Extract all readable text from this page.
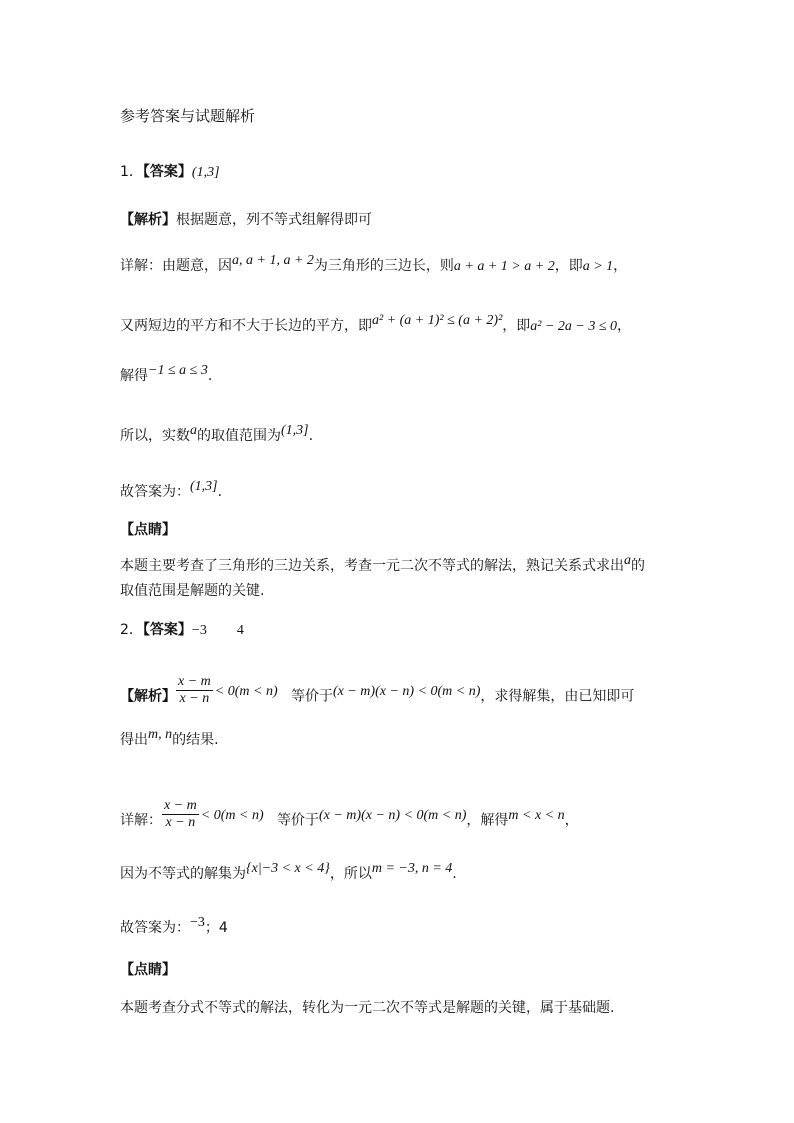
参考答案与试题解析
1．【答案】(1,3]
【解析】根据题意，列不等式组解得即可
详解：由题意，因a, a + 1, a + 2为三角形的三边长，则a + a + 1 > a + 2，即a > 1，
又两短边的平方和不大于长边的平方，即a² + (a + 1)² ≤ (a + 2)²，即a² − 2a − 3 ≤ 0，
解得−1 ≤ a ≤ 3.
所以，实数a的取值范围为(1,3].
故答案为：(1,3].
【点睛】
本题主要考查了三角形的三边关系，考查一元二次不等式的解法，熟记关系式求出a的
取值范围是解题的关键.
2．【答案】−3 4
【解析】 $\frac{x - m}{x - n} < 0(m < n)$ 等价于(x − m)(x − n) < 0(m < n)，求得解集，由已知即可
得出m, n的结果.
详解： $\frac{x - m}{x - n} < 0(m < n)$ 等价于(x − m)(x − n) < 0(m < n)，解得m < x < n，
因为不等式的解集为{x|−3 < x < 4}，所以m = −3, n = 4.
故答案为：−3；4
【点睛】
本题考查分式不等式的解法，转化为一元二次不等式是解题的关键，属于基础题.
